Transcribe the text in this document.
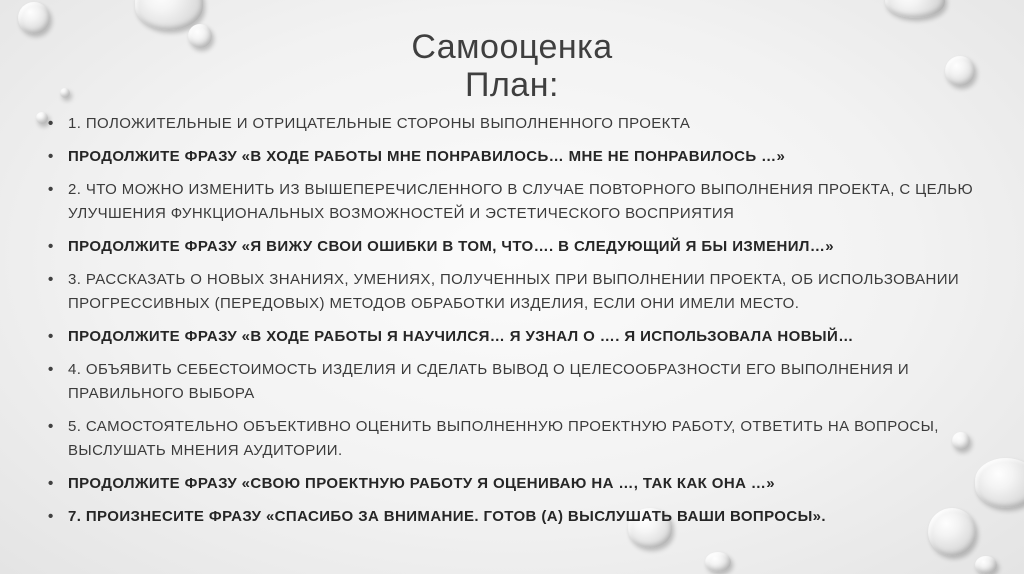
Самооценка
План:
• 1. ПОЛОЖИТЕЛЬНЫЕ И ОТРИЦАТЕЛЬНЫЕ СТОРОНЫ ВЫПОЛНЕННОГО ПРОЕКТА
• ПРОДОЛЖИТЕ ФРАЗУ «В ХОДЕ РАБОТЫ МНЕ ПОНРАВИЛОСЬ… МНЕ НЕ ПОНРАВИЛОСЬ …»
• 2. ЧТО МОЖНО ИЗМЕНИТЬ ИЗ ВЫШЕПЕРЕЧИСЛЕННОГО В СЛУЧАЕ ПОВТОРНОГО ВЫПОЛНЕНИЯ ПРОЕКТА, С ЦЕЛЬЮ УЛУЧШЕНИЯ ФУНКЦИОНАЛЬНЫХ ВОЗМОЖНОСТЕЙ И ЭСТЕТИЧЕСКОГО ВОСПРИЯТИЯ
• ПРОДОЛЖИТЕ ФРАЗУ «Я ВИЖУ СВОИ ОШИБКИ В ТОМ, ЧТО…. В СЛЕДУЮЩИЙ Я БЫ ИЗМЕНИЛ…»
• 3. РАССКАЗАТЬ О НОВЫХ ЗНАНИЯХ, УМЕНИЯХ, ПОЛУЧЕННЫХ ПРИ ВЫПОЛНЕНИИ ПРОЕКТА, ОБ ИСПОЛЬЗОВАНИИ ПРОГРЕССИВНЫХ (ПЕРЕДОВЫХ) МЕТОДОВ ОБРАБОТКИ ИЗДЕЛИЯ, ЕСЛИ ОНИ ИМЕЛИ МЕСТО.
• ПРОДОЛЖИТЕ ФРАЗУ «В ХОДЕ РАБОТЫ Я НАУЧИЛСЯ… Я УЗНАЛ О …. Я ИСПОЛЬЗОВАЛА НОВЫЙ…
• 4. ОБЪЯВИТЬ СЕБЕСТОИМОСТЬ ИЗДЕЛИЯ И СДЕЛАТЬ ВЫВОД О ЦЕЛЕСООБРАЗНОСТИ ЕГО ВЫПОЛНЕНИЯ И ПРАВИЛЬНОГО ВЫБОРА
• 5. САМОСТОЯТЕЛЬНО ОБЪЕКТИВНО ОЦЕНИТЬ ВЫПОЛНЕННУЮ ПРОЕКТНУЮ РАБОТУ, ОТВЕТИТЬ НА ВОПРОСЫ, ВЫСЛУШАТЬ МНЕНИЯ АУДИТОРИИ.
• ПРОДОЛЖИТЕ ФРАЗУ «СВОЮ ПРОЕКТНУЮ РАБОТУ Я ОЦЕНИВАЮ НА …, ТАК КАК ОНА …»
• 7. ПРОИЗНЕСИТЕ ФРАЗУ «СПАСИБО ЗА ВНИМАНИЕ. ГОТОВ (А) ВЫСЛУШАТЬ ВАШИ ВОПРОСЫ».
